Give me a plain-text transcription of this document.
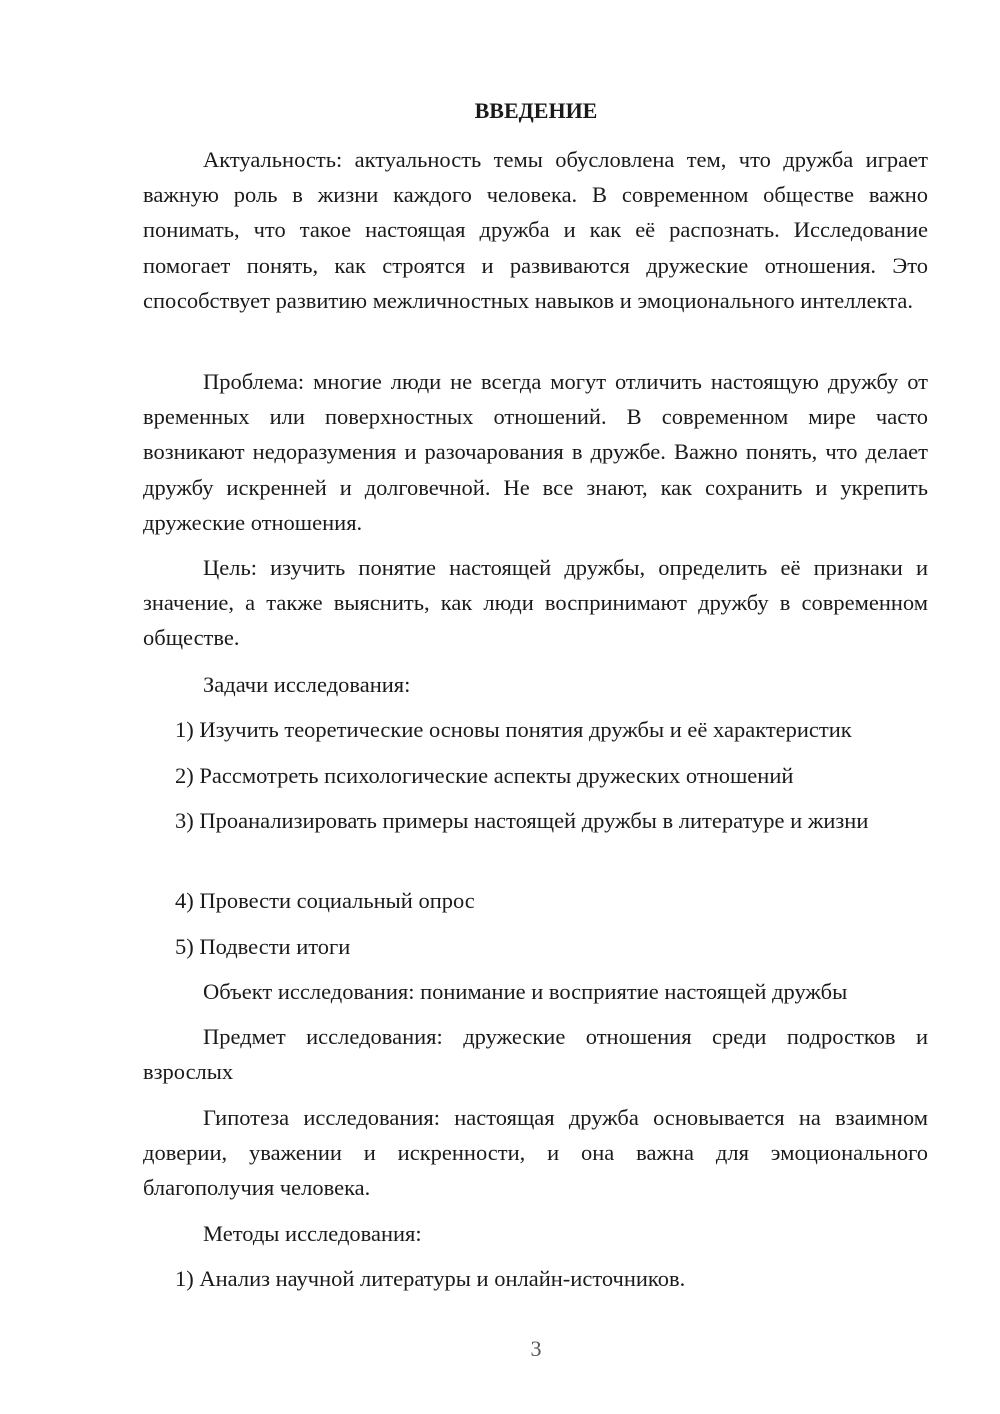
ВВЕДЕНИЕ

Актуальность: актуальность темы обусловлена тем, что дружба играет важную роль в жизни каждого человека. В современном обществе важно понимать, что такое настоящая дружба и как её распознать. Исследование помогает понять, как строятся и развиваются дружеские отношения. Это способствует развитию межличностных навыков и эмоционального интеллекта.

Проблема: многие люди не всегда могут отличить настоящую дружбу от временных или поверхностных отношений. В современном мире часто возникают недоразумения и разочарования в дружбе. Важно понять, что делает дружбу искренней и долговечной. Не все знают, как сохранить и укрепить дружеские отношения.

Цель: изучить понятие настоящей дружбы, определить её признаки и значение, а также выяснить, как люди воспринимают дружбу в современном обществе.

Задачи исследования:

1) Изучить теоретические основы понятия дружбы и её характеристик

2) Рассмотреть психологические аспекты дружеских отношений

3) Проанализировать примеры настоящей дружбы в литературе и жизни

4) Провести социальный опрос

5) Подвести итоги

Объект исследования: понимание и восприятие настоящей дружбы

Предмет исследования: дружеские отношения среди подростков и взрослых

Гипотеза исследования: настоящая дружба основывается на взаимном доверии, уважении и искренности, и она важна для эмоционального благополучия человека.

Методы исследования:

1) Анализ научной литературы и онлайн-источников.

3
